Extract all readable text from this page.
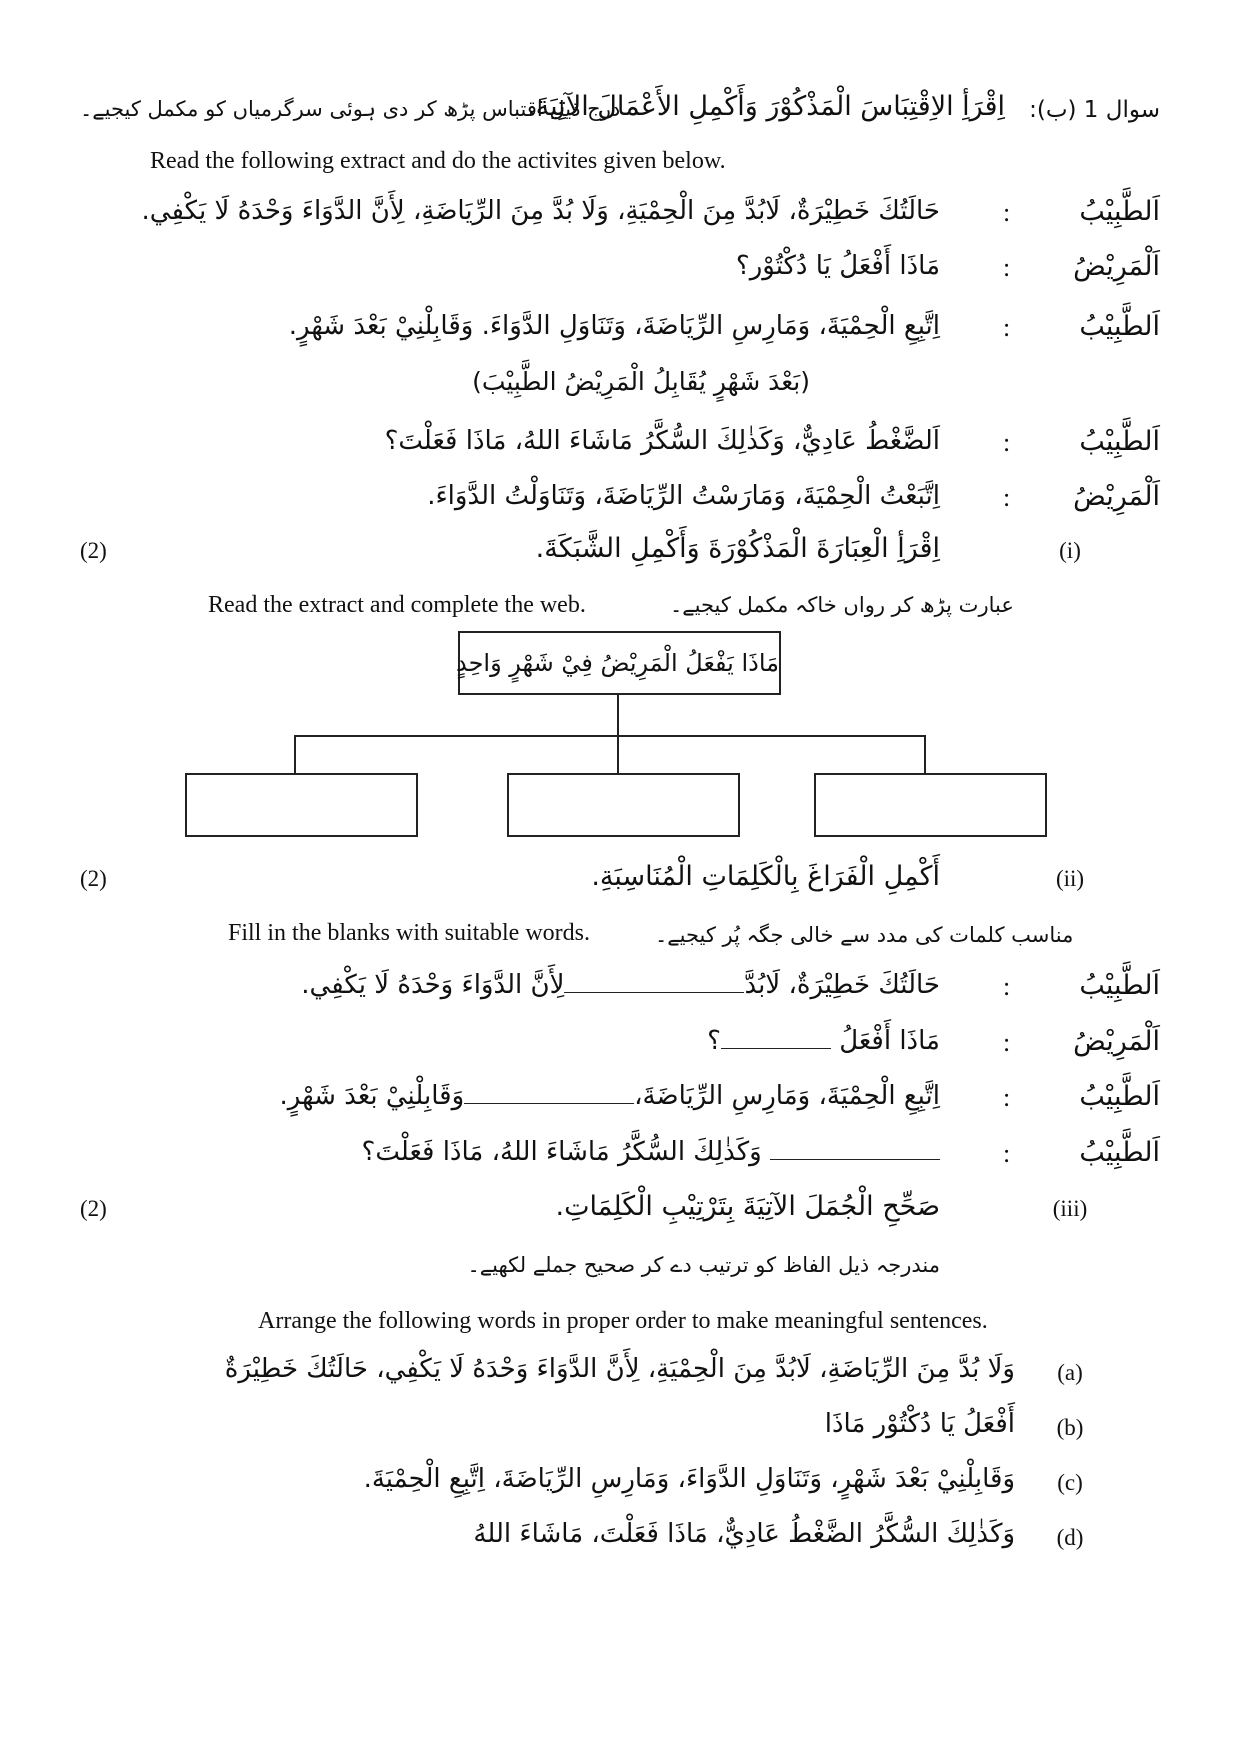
سوال 1 (ب):
اِقْرَأِ الاِقْتِبَاسَ الْمَذْكُوْرَ وَأَكْمِلِ الأَعْمَالَ الآتِيَةَ.
درج ذیل اقتباس پڑھ کر دی ہوئی سرگرمیاں کو مکمل کیجیے۔
Read the following extract and do the activites given below.
اَلطَّبِيْبُ
:
حَالَتُكَ خَطِيْرَةٌ، لَابُدَّ مِنَ الْحِمْيَةِ، وَلَا بُدَّ مِنَ الرِّيَاضَةِ، لِأَنَّ الدَّوَاءَ وَحْدَهُ لَا يَكْفِي.
اَلْمَرِيْضُ
:
مَاذَا أَفْعَلُ يَا دُكْتُوْر؟
اَلطَّبِيْبُ
:
اِتَّبِعِ الْحِمْيَةَ، وَمَارِسِ الرِّيَاضَةَ، وَتَنَاوَلِ الدَّوَاءَ. وَقَابِلْنِيْ بَعْدَ شَهْرٍ.
(بَعْدَ شَهْرٍ يُقَابِلُ الْمَرِيْضُ الطَّبِيْبَ)
اَلطَّبِيْبُ
:
اَلضَّغْطُ عَادِيٌّ، وَكَذٰلِكَ السُّكَّرُ مَاشَاءَ اللهُ، مَاذَا فَعَلْتَ؟
اَلْمَرِيْضُ
:
اِتَّبَعْتُ الْحِمْيَةَ، وَمَارَسْتُ الرِّيَاضَةَ، وَتَنَاوَلْتُ الدَّوَاءَ.
(i)
اِقْرَأِ الْعِبَارَةَ الْمَذْكُوْرَةَ وَأَكْمِلِ الشَّبَكَةَ.
(2)
Read the extract and complete the web.	عبارت پڑھ کر رواں خاکہ مکمل کیجیے۔
مَاذَا يَفْعَلُ الْمَرِيْضُ فِيْ شَهْرٍ وَاحِدٍ
(ii)
أَكْمِلِ الْفَرَاغَ بِالْكَلِمَاتِ الْمُنَاسِبَةِ.
(2)
Fill in the blanks with suitable words.	مناسب کلمات کی مدد سے خالی جگہ پُر کیجیے۔
اَلطَّبِيْبُ
:
حَالَتُكَ خَطِيْرَةٌ، لَابُدَّلِأَنَّ الدَّوَاءَ وَحْدَهُ لَا يَكْفِي.
اَلْمَرِيْضُ
:
مَاذَا أَفْعَلُ ؟
اَلطَّبِيْبُ
:
اِتَّبِعِ الْحِمْيَةَ، وَمَارِسِ الرِّيَاضَةَ،وَقَابِلْنِيْ بَعْدَ شَهْرٍ.
اَلطَّبِيْبُ
:
وَكَذٰلِكَ السُّكَّرُ مَاشَاءَ اللهُ، مَاذَا فَعَلْتَ؟
(iii)
صَحِّحِ الْجُمَلَ الآتِيَةَ بِتَرْتِيْبِ الْكَلِمَاتِ.
(2)
مندرجہ ذیل الفاظ کو ترتیب دے کر صحیح جملے لکھیے۔
Arrange the following words in proper order to make meaningful sentences.
(a)
وَلَا بُدَّ مِنَ الرِّيَاضَةِ، لَابُدَّ مِنَ الْحِمْيَةِ، لِأَنَّ الدَّوَاءَ وَحْدَهُ لَا يَكْفِي، حَالَتُكَ خَطِيْرَةٌ
(b)
أَفْعَلُ يَا دُكْتُوْر مَاذَا
(c)
وَقَابِلْنِيْ بَعْدَ شَهْرٍ، وَتَنَاوَلِ الدَّوَاءَ، وَمَارِسِ الرِّيَاضَةَ، اِتَّبِعِ الْحِمْيَةَ.
(d)
وَكَذٰلِكَ السُّكَّرُ الضَّغْطُ عَادِيٌّ، مَاذَا فَعَلْتَ، مَاشَاءَ اللهُ
